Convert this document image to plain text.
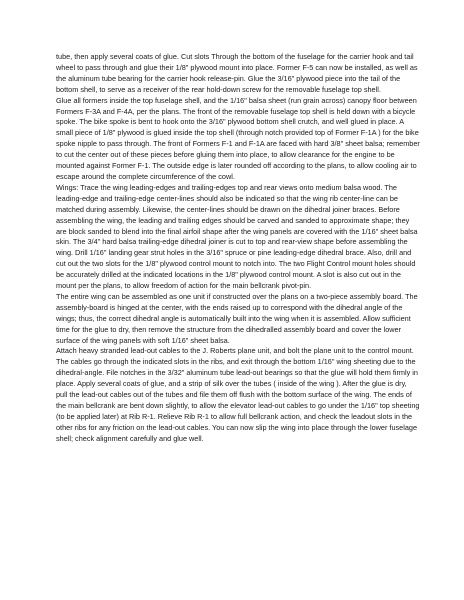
tube, then apply several coats of glue. Cut slots Through the bottom of the fuselage for the carrier hook and tail wheel to pass through and glue their 1/8" plywood mount into place. Former F-5 can now be installed, as well as the aluminum tube bearing for the carrier hook release-pin. Glue the 3/16" plywood piece into the tail of the bottom shell, to serve as a receiver of the rear hold-down screw for the removable fuselage top shell.

Glue all formers inside the top fuselage shell, and the 1/16" balsa sheet (run grain across) canopy floor between Formers F-3A and F-4A, per the plans. The front of the removable fuselage top shell is held down with a bicycle spoke. The bike spoke is bent to hook onto the 3/16" plywood bottom shell crutch, and well glued in place. A small piece of 1/8" plywood is glued inside the top shell (through notch provided top of Former F-1A ) for the bike spoke nipple to pass through. The front of Formers F-1 and F-1A are faced with hard 3/8" sheet balsa; remember to cut the center out of these pieces before gluing them into place, to allow clearance for the engine to be mounted against Former F-1. The outside edge is later rounded off according to the plans, to allow cooling air to escape around the complete circumference of the cowl.

Wings: Trace the wing leading-edges and trailing-edges top and rear views onto medium balsa wood. The leading-edge and trailing-edge center-lines should also be indicated so that the wing rib center-line can be matched during assembly. Likewise, the center-lines should be drawn on the dihedral joiner braces. Before assembling the wing, the leading and trailing edges should be carved and sanded to approximate shape; they are block sanded to blend into the final airfoil shape after the wing panels are covered with the 1/16" sheet balsa skin. The 3/4" hard balsa trailing-edge dihedral joiner is cut to top and rear-view shape before assembling the wing. Drill 1/16" landing gear strut holes in the 3/16" spruce or pine leading-edge dihedral brace. Also, drill and cut out the two slots for the 1/8" plywood control mount to notch into. The two Flight Control mount holes should be accurately drilled at the indicated locations in the 1/8" plywood control mount. A slot is also cut out in the mount per the plans, to allow freedom of action for the main bellcrank pivot-pin.

The entire wing can be assembled as one unit if constructed over the plans on a two-piece assembly board. The assembly-board is hinged at the center, with the ends raised up to correspond with the dihedral angle of the wings; thus, the correct dihedral angle is automatically built into the wing when it is assembled. Allow sufficient time for the glue to dry, then remove the structure from the dihedralled assembly board and cover the lower surface of the wing panels with soft 1/16" sheet balsa.

Attach heavy stranded lead-out cables to the J. Roberts plane unit, and bolt the plane unit to the control mount. The cables go through the indicated slots in the ribs, and exit through the bottom 1/16" wing sheeting due to the dihedral-angle. File notches in the 3/32" aluminum tube lead-out bearings so that the glue will hold them firmly in place. Apply several coats of glue, and a strip of silk over the tubes ( inside of the wing ). After the glue is dry, pull the lead-out cables out of the tubes and file them off flush with the bottom surface of the wing. The ends of the main bellcrank are bent down slightly, to allow the elevator lead-out cables to go under the 1/16" top sheeting (to be applied later) at Rib R-1. Relieve Rib R-1 to allow full bellcrank action, and check the leadout slots in the other ribs for any friction on the lead-out cables. You can now slip the wing into place through the lower fuselage shell; check alignment carefully and glue well.
